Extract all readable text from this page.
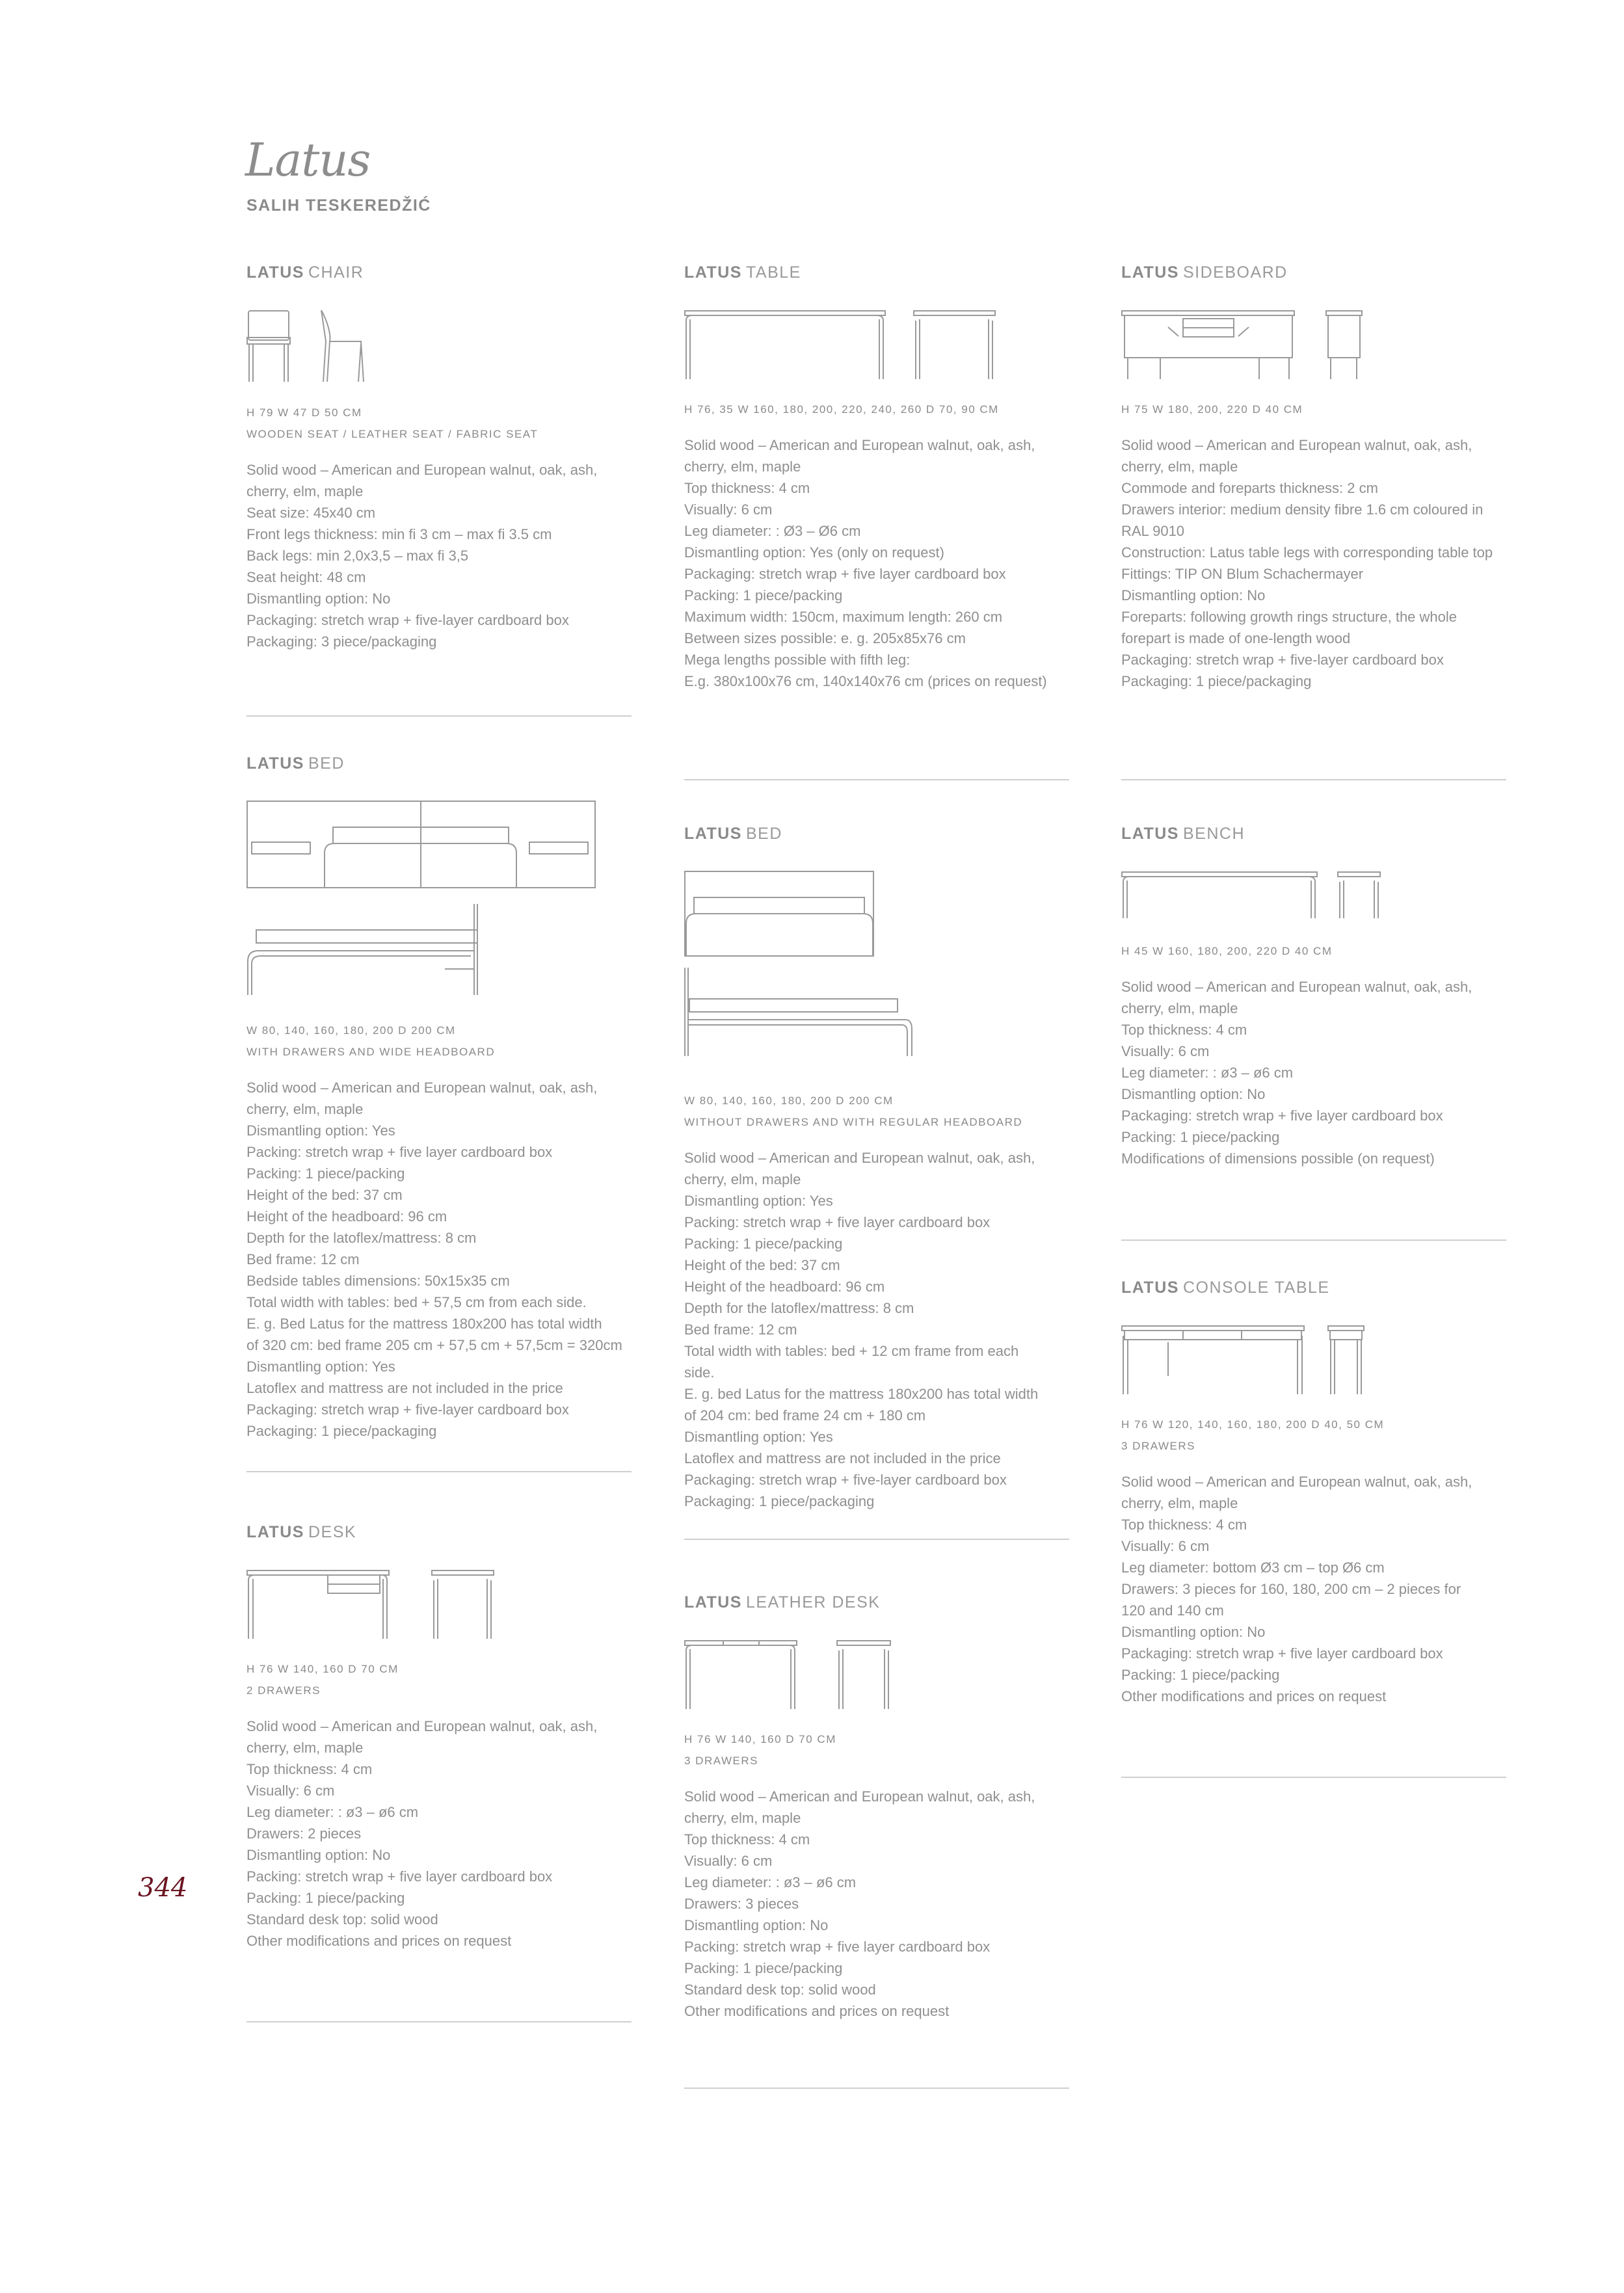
Latus
SALIH TESKEREDŽIĆ
344
LATUS CHAIR
H 79 W 47 D 50 CM
WOODEN SEAT / LEATHER SEAT / FABRIC SEAT
Solid wood – American and European walnut, oak, ash,
cherry, elm, maple
Seat size: 45x40 cm
Front legs thickness: min fi 3 cm – max fi 3.5 cm
Back legs: min 2,0x3,5 – max fi 3,5
Seat height: 48 cm
Dismantling option: No
Packaging: stretch wrap + five-layer cardboard box
Packaging: 3 piece/packaging
LATUS BED
W 80, 140, 160, 180, 200 D 200 CM
WITH DRAWERS AND WIDE HEADBOARD
Solid wood – American and European walnut, oak, ash,
cherry, elm, maple
Dismantling option: Yes
Packing: stretch wrap + five layer cardboard box
Packing: 1 piece/packing
Height of the bed: 37 cm
Height of the headboard: 96 cm
Depth for the latoflex/mattress: 8 cm
Bed frame: 12 cm
Bedside tables dimensions: 50x15x35 cm
Total width with tables: bed + 57,5 cm from each side.
E. g. Bed Latus for the mattress 180x200 has total width
of 320 cm: bed frame 205 cm + 57,5 cm + 57,5cm = 320cm
Dismantling option: Yes
Latoflex and mattress are not included in the price
Packaging: stretch wrap + five-layer cardboard box
Packaging: 1 piece/packaging
LATUS DESK
H 76 W 140, 160 D 70 CM
2 DRAWERS
Solid wood – American and European walnut, oak, ash,
cherry, elm, maple
Top thickness: 4 cm
Visually: 6 cm
Leg diameter: : ø3 – ø6 cm
Drawers: 2 pieces
Dismantling option: No
Packing: stretch wrap + five layer cardboard box
Packing: 1 piece/packing
Standard desk top: solid wood
Other modifications and prices on request
LATUS TABLE
H 76, 35 W 160, 180, 200, 220, 240, 260 D 70, 90 CM
Solid wood – American and European walnut, oak, ash,
cherry, elm, maple
Top thickness: 4 cm
Visually: 6 cm
Leg diameter: : Ø3 – Ø6 cm
Dismantling option: Yes (only on request)
Packaging: stretch wrap + five layer cardboard box
Packing: 1 piece/packing
Maximum width: 150cm, maximum length: 260 cm
Between sizes possible: e. g. 205x85x76 cm
Mega lengths possible with fifth leg:
E.g. 380x100x76 cm, 140x140x76 cm (prices on request)
LATUS BED
W 80, 140, 160, 180, 200 D 200 CM
WITHOUT DRAWERS AND WITH REGULAR HEADBOARD
Solid wood – American and European walnut, oak, ash,
cherry, elm, maple
Dismantling option: Yes
Packing: stretch wrap + five layer cardboard box
Packing: 1 piece/packing
Height of the bed: 37 cm
Height of the headboard: 96 cm
Depth for the latoflex/mattress: 8 cm
Bed frame: 12 cm
Total width with tables: bed + 12 cm frame from each
side.
E. g. bed Latus for the mattress 180x200 has total width
of 204 cm: bed frame 24 cm + 180 cm
Dismantling option: Yes
Latoflex and mattress are not included in the price
Packaging: stretch wrap + five-layer cardboard box
Packaging: 1 piece/packaging
LATUS LEATHER DESK
H 76 W 140, 160 D 70 CM
3 DRAWERS
Solid wood – American and European walnut, oak, ash,
cherry, elm, maple
Top thickness: 4 cm
Visually: 6 cm
Leg diameter: : ø3 – ø6 cm
Drawers: 3 pieces
Dismantling option: No
Packing: stretch wrap + five layer cardboard box
Packing: 1 piece/packing
Standard desk top: solid wood
Other modifications and prices on request
LATUS SIDEBOARD
H 75 W 180, 200, 220 D 40 CM
Solid wood – American and European walnut, oak, ash,
cherry, elm, maple
Commode and foreparts thickness: 2 cm
Drawers interior: medium density fibre 1.6 cm coloured in
RAL 9010
Construction: Latus table legs with corresponding table top
Fittings: TIP ON Blum Schachermayer
Dismantling option: No
Foreparts: following growth rings structure, the whole
forepart is made of one-length wood
Packaging: stretch wrap + five-layer cardboard box
Packaging: 1 piece/packaging
LATUS BENCH
H 45 W 160, 180, 200, 220 D 40 CM
Solid wood – American and European walnut, oak, ash,
cherry, elm, maple
Top thickness: 4 cm
Visually: 6 cm
Leg diameter: : ø3 – ø6 cm
Dismantling option: No
Packaging: stretch wrap + five layer cardboard box
Packing: 1 piece/packing
Modifications of dimensions possible (on request)
LATUS CONSOLE TABLE
H 76 W 120, 140, 160, 180, 200 D 40, 50 CM
3 DRAWERS
Solid wood – American and European walnut, oak, ash,
cherry, elm, maple
Top thickness: 4 cm
Visually: 6 cm
Leg diameter: bottom Ø3 cm – top Ø6 cm
Drawers: 3 pieces for 160, 180, 200 cm – 2 pieces for
120 and 140 cm
Dismantling option: No
Packaging: stretch wrap + five layer cardboard box
Packing: 1 piece/packing
Other modifications and prices on request
